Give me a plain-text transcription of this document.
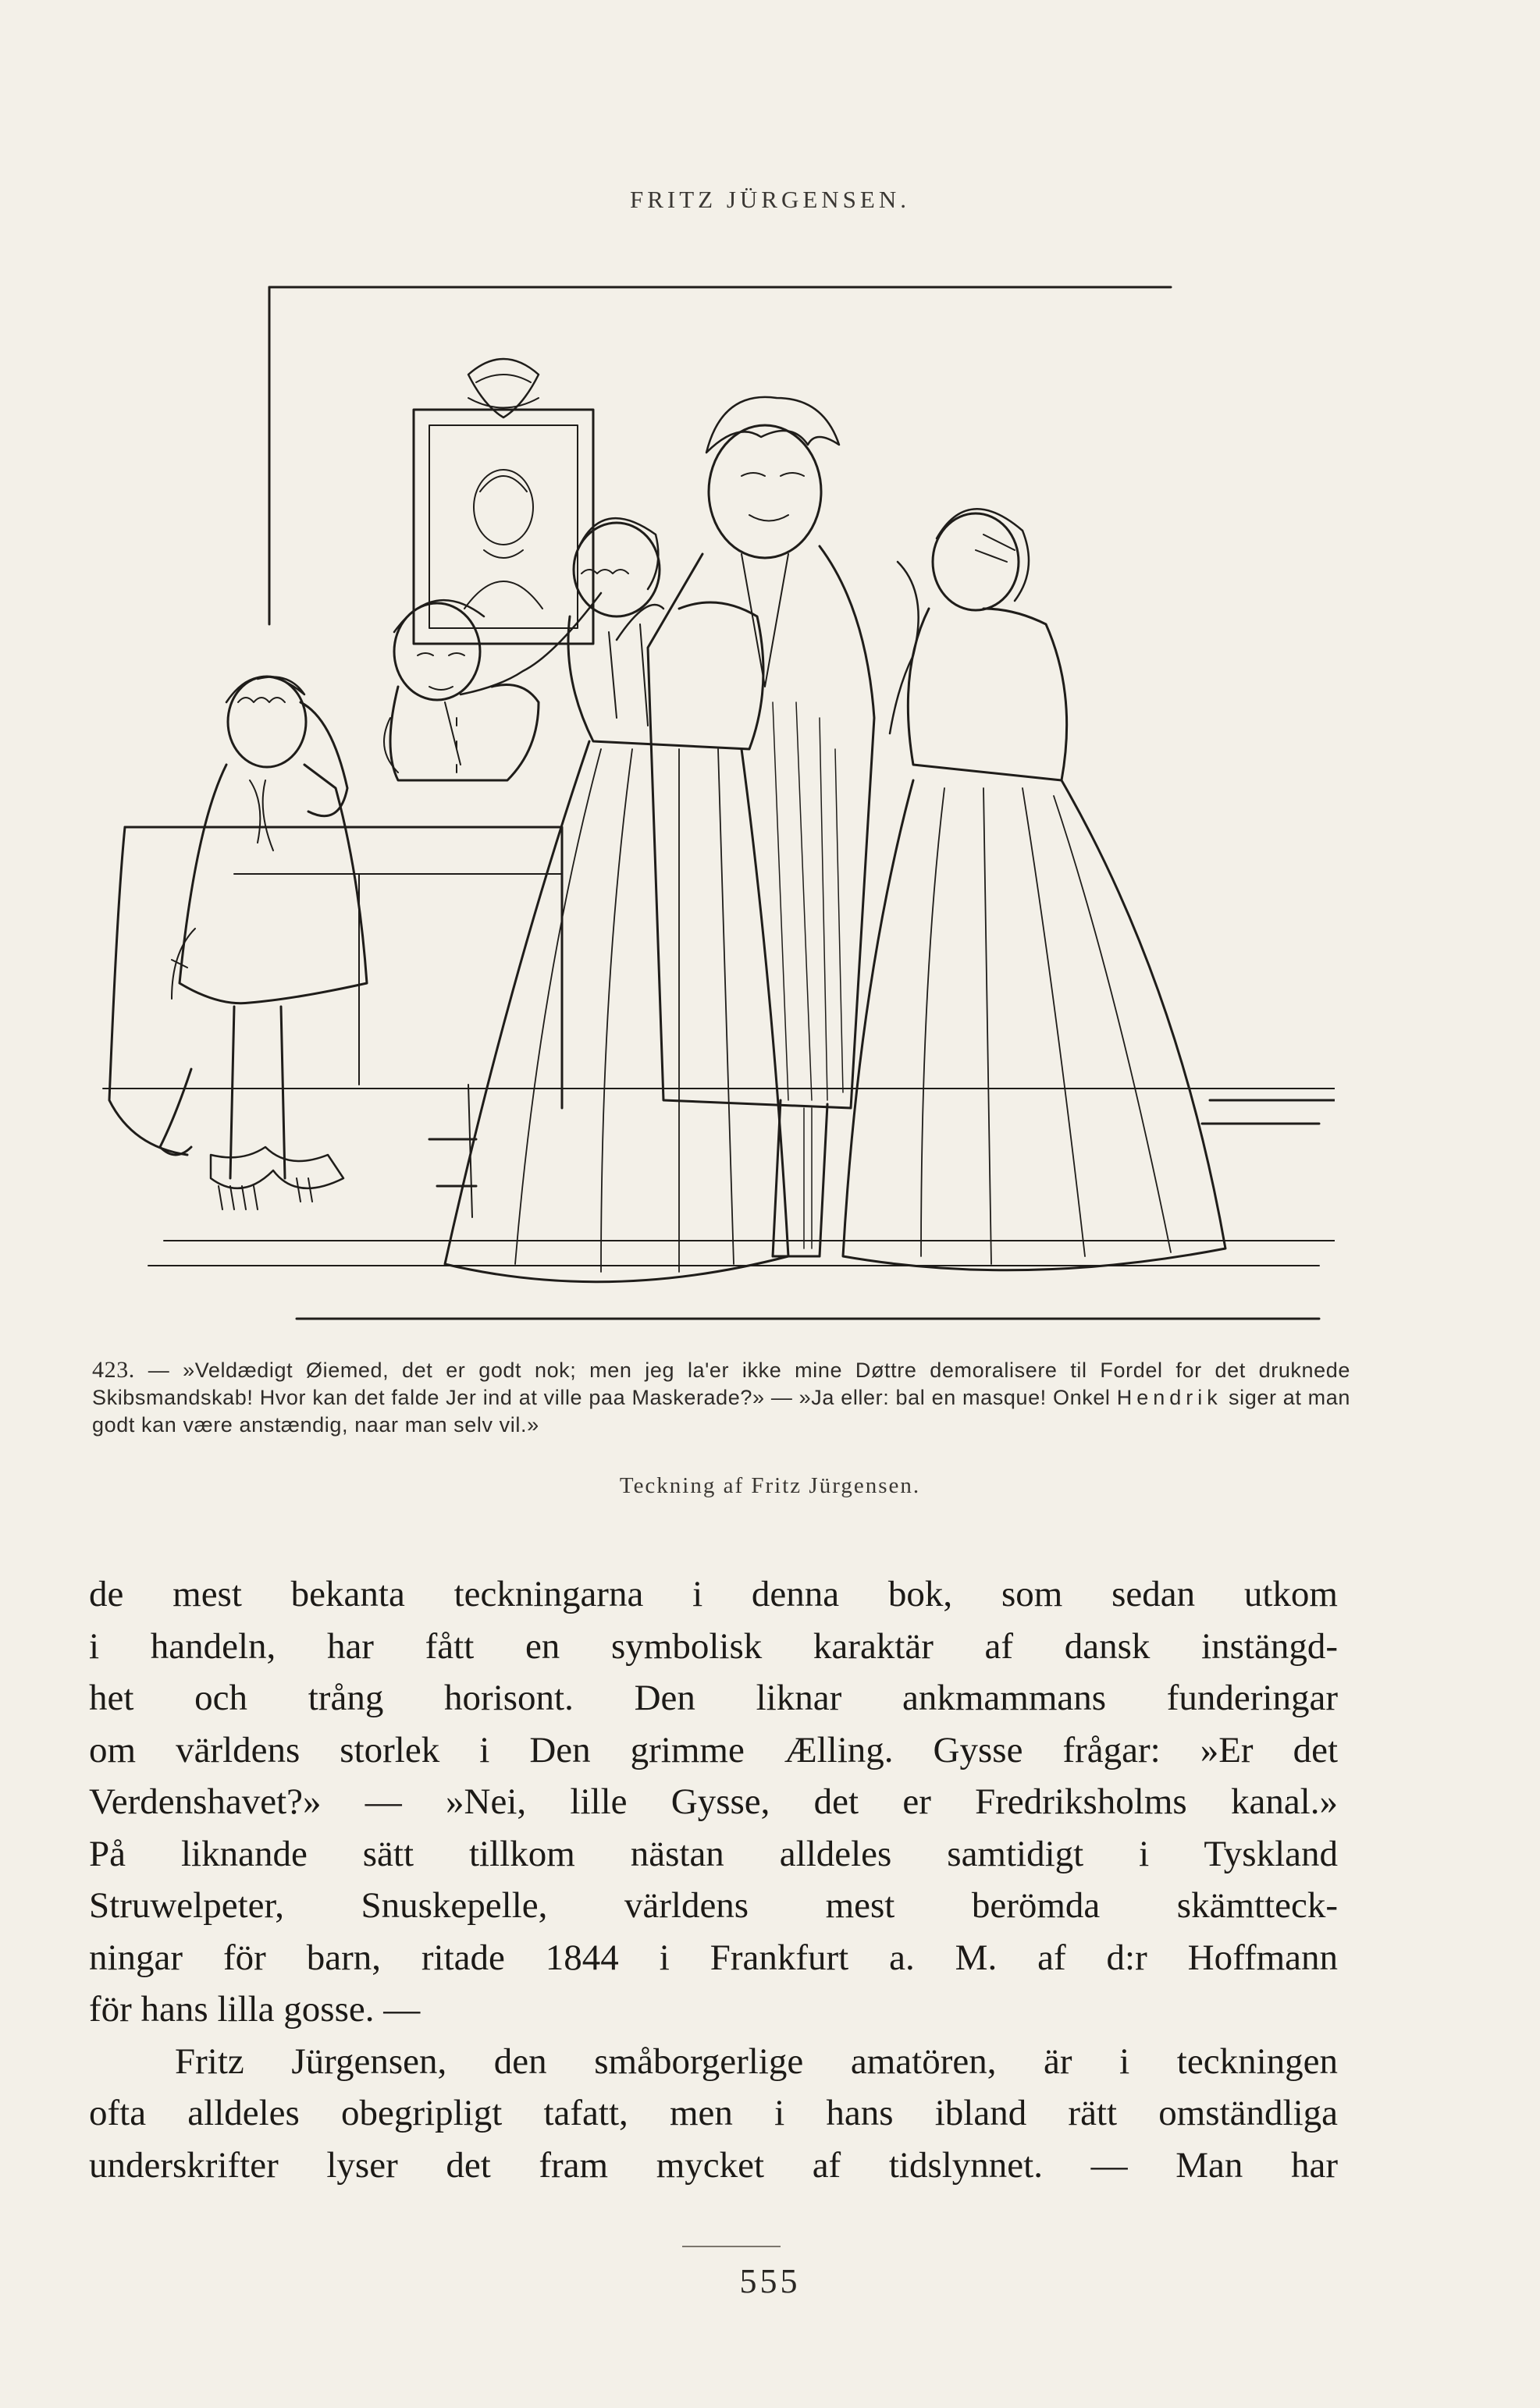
FRITZ JÜRGENSEN.
423. — »Veldædigt Øiemed, det er godt nok; men jeg la'er ikke mine Døttre demoralisere til Fordel for det druknede Skibsmandskab! Hvor kan det falde Jer ind at ville paa Maskerade?» — »Ja eller: bal en masque! Onkel Hendrik siger at man godt kan være anstændig, naar man selv vil.»
Teckning af Fritz Jürgensen.

de mest bekanta teckningarna i denna bok, som sedan utkom

i handeln, har fått en symbolisk karaktär af dansk instängd-

het och trång horisont. Den liknar ankmammans funderingar

om världens storlek i Den grimme Ælling. Gysse frågar: »Er det

Verdenshavet?» — »Nei, lille Gysse, det er Fredriksholms kanal.»

På liknande sätt tillkom nästan alldeles samtidigt i Tyskland

Struwelpeter, Snuskepelle, världens mest berömda skämtteck-

ningar för barn, ritade 1844 i Frankfurt a. M. af d:r Hoffmann

för hans lilla gosse. —

Fritz Jürgensen, den småborgerlige amatören, är i teckningen

ofta alldeles obegripligt tafatt, men i hans ibland rätt omständliga

underskrifter lyser det fram mycket af tidslynnet. — Man har

555
